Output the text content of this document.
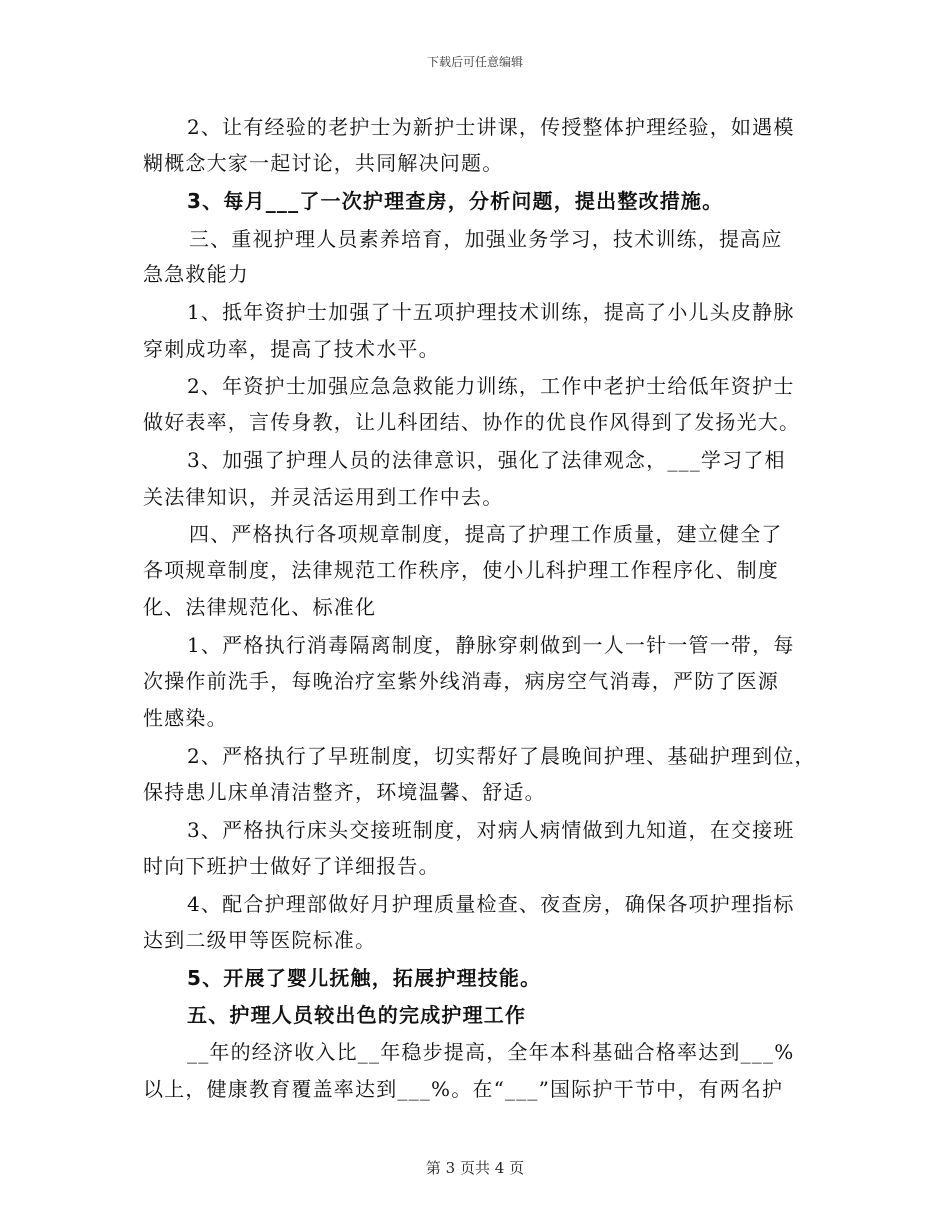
下载后可任意编辑
2、让有经验的老护士为新护士讲课，传授整体护理经验，如遇模
糊概念大家一起讨论，共同解决问题。
3、每月___了一次护理查房，分析问题，提出整改措施。
三、重视护理人员素养培育，加强业务学习，技术训练，提高应
急急救能力
1、抵年资护士加强了十五项护理技术训练，提高了小儿头皮静脉
穿刺成功率，提高了技术水平。
2、年资护士加强应急急救能力训练，工作中老护士给低年资护士
做好表率，言传身教，让儿科团结、协作的优良作风得到了发扬光大。
3、加强了护理人员的法律意识，强化了法律观念，___学习了相
关法律知识，并灵活运用到工作中去。
四、严格执行各项规章制度，提高了护理工作质量，建立健全了
各项规章制度，法律规范工作秩序，使小儿科护理工作程序化、制度
化、法律规范化、标准化
1、严格执行消毒隔离制度，静脉穿刺做到一人一针一管一带，每
次操作前洗手，每晚治疗室紫外线消毒，病房空气消毒，严防了医源
性感染。
2、严格执行了早班制度，切实帮好了晨晚间护理、基础护理到位，
保持患儿床单清洁整齐，环境温馨、舒适。
3、严格执行床头交接班制度，对病人病情做到九知道，在交接班
时向下班护士做好了详细报告。
4、配合护理部做好月护理质量检查、夜查房，确保各项护理指标
达到二级甲等医院标准。
5、开展了婴儿抚触，拓展护理技能。
五、护理人员较出色的完成护理工作
__年的经济收入比__年稳步提高，全年本科基础合格率达到___%
以上，健康教育覆盖率达到___%。在“___”国际护干节中，有两名护
第 3 页共 4 页
